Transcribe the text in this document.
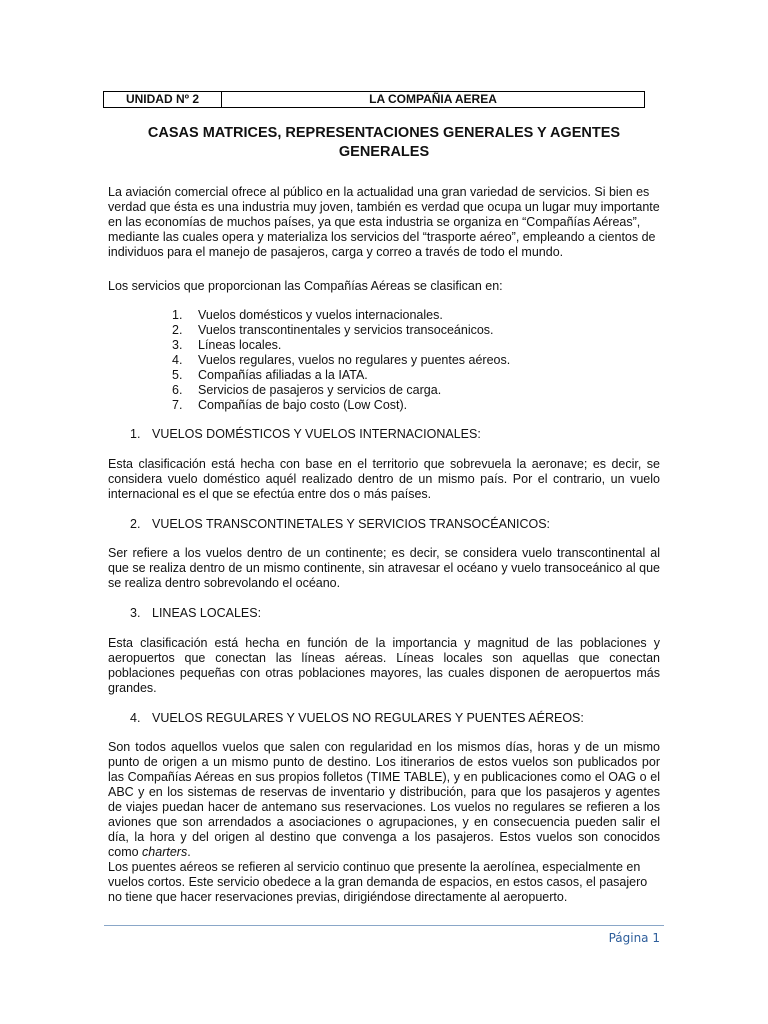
UNIDAD Nº 2	LA COMPAÑIA AEREA
CASAS MATRICES, REPRESENTACIONES GENERALES Y AGENTES
GENERALES

La aviación comercial ofrece al público en la actualidad una gran variedad de servicios. Si bien es verdad que ésta es una industria muy joven, también es verdad que ocupa un lugar muy importante en las economías de muchos países, ya que esta industria se organiza en “Compañías Aéreas”, mediante las cuales opera y materializa los servicios del “trasporte aéreo”, empleando a cientos de individuos para el manejo de pasajeros, carga y correo a través de todo el mundo.

Los servicios que proporcionan las Compañías Aéreas se clasifican en:

1.	Vuelos domésticos y vuelos internacionales.
2.	Vuelos transcontinentales y servicios transoceánicos.
3.	Líneas locales.
4.	Vuelos regulares, vuelos no regulares y puentes aéreos.
5.	Compañías afiliadas a la IATA.
6.	Servicios de pasajeros y servicios de carga.
7.	Compañías de bajo costo (Low Cost).
1. VUELOS DOMÉSTICOS Y VUELOS INTERNACIONALES:

Esta clasificación está hecha con base en el territorio que sobrevuela la aeronave; es decir, se considera vuelo doméstico aquél realizado dentro de un mismo país. Por el contrario, un vuelo internacional es el que se efectúa entre dos o más países.

2. VUELOS TRANSCONTINETALES Y SERVICIOS TRANSOCÉANICOS:

Ser refiere a los vuelos dentro de un continente; es decir, se considera vuelo transcontinental al que se realiza dentro de un mismo continente, sin atravesar el océano y vuelo transoceánico al que se realiza dentro sobrevolando el océano.

3. LINEAS LOCALES:

Esta clasificación está hecha en función de la importancia y magnitud de las poblaciones y aeropuertos que conectan las líneas aéreas. Líneas locales son aquellas que conectan poblaciones pequeñas con otras poblaciones mayores, las cuales disponen de aeropuertos más grandes.

4. VUELOS REGULARES Y VUELOS NO REGULARES Y PUENTES AÉREOS:

Son todos aquellos vuelos que salen con regularidad en los mismos días, horas y de un mismo punto de origen a un mismo punto de destino. Los itinerarios de estos vuelos son publicados por las Compañías Aéreas en sus propios folletos (TIME TABLE), y en publicaciones como el OAG o el ABC y en los sistemas de reservas de inventario y distribución, para que los pasajeros y agentes de viajes puedan hacer de antemano sus reservaciones. Los vuelos no regulares se refieren a los aviones que son arrendados a asociaciones o agrupaciones, y en consecuencia pueden salir el día, la hora y del origen al destino que convenga a los pasajeros. Estos vuelos son conocidos como charters.

Los puentes aéreos se refieren al servicio continuo que presente la aerolínea, especialmente en vuelos cortos. Este servicio obedece a la gran demanda de espacios, en estos casos, el pasajero no tiene que hacer reservaciones previas, dirigiéndose directamente al aeropuerto.

Página 1
